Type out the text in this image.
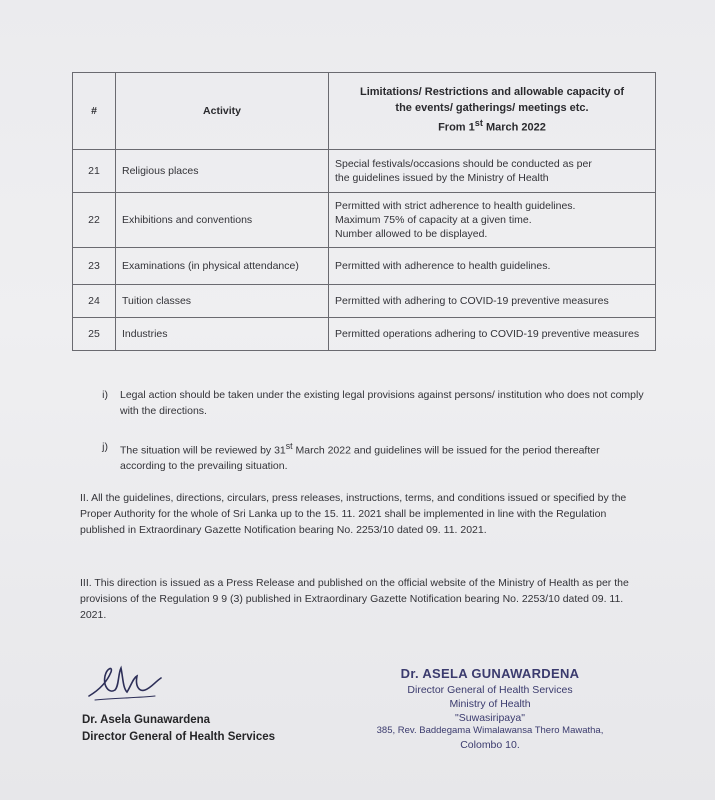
#	Activity	Limitations/ Restrictions and allowable capacity of
the events/ gatherings/ meetings etc.
From 1st March 2022

21	Religious places	Special festivals/occasions should be conducted as per
the guidelines issued by the Ministry of Health

22	Exhibitions and conventions	Permitted with strict adherence to health guidelines.
Maximum 75% of capacity at a given time.
Number allowed to be displayed.

23	Examinations (in physical attendance)	Permitted with adherence to health guidelines.

24	Tuition classes	Permitted with adhering to COVID-19 preventive measures

25	Industries	Permitted operations adhering to COVID-19 preventive measures
i)	Legal action should be taken under the existing legal provisions against persons/ institution who does not comply with the directions.
j)	The situation will be reviewed by 31st March 2022 and guidelines will be issued for the period thereafter according to the prevailing situation.
II. All the guidelines, directions, circulars, press releases, instructions, terms, and conditions issued or specified by the Proper Authority for the whole of Sri Lanka up to the 15. 11. 2021 shall be implemented in line with the Regulation published in Extraordinary Gazette Notification bearing No. 2253/10 dated 09. 11. 2021.
III. This direction is issued as a Press Release and published on the official website of the Ministry of Health as per the provisions of the Regulation 9 9 (3) published in Extraordinary Gazette Notification bearing No. 2253/10 dated 09. 11. 2021.
Dr. Asela Gunawardena
Director General of Health Services
Dr. ASELA GUNAWARDENA
Director General of Health Services
Ministry of Health
"Suwasiripaya"
385, Rev. Baddegama Wimalawansa Thero Mawatha,
Colombo 10.
